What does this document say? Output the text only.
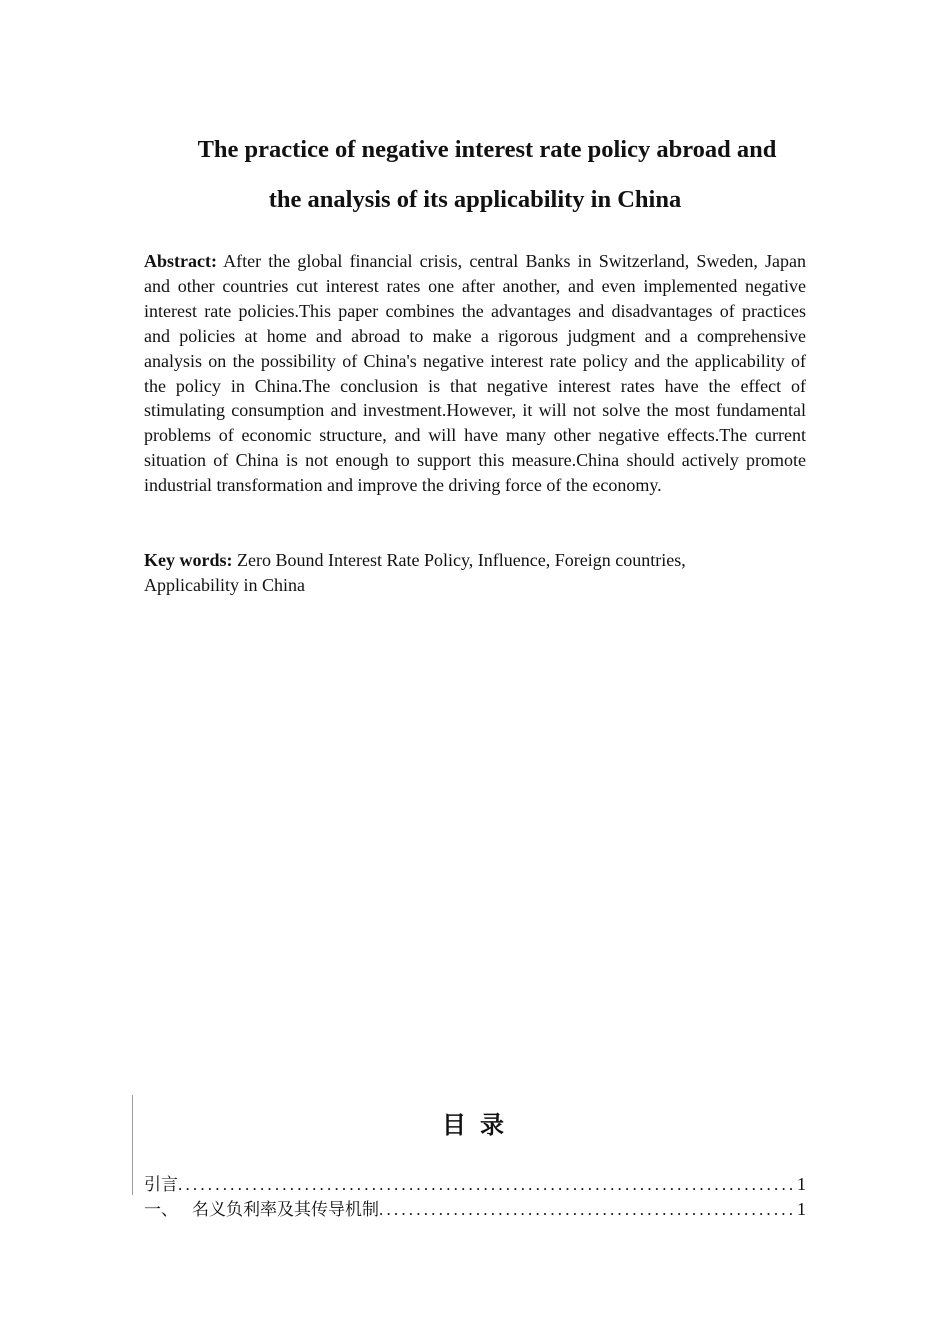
The practice of negative interest rate policy abroad and
the analysis of its applicability in China

Abstract: After the global financial crisis, central Banks in Switzerland, Sweden, Japan and other countries cut interest rates one after another, and even implemented negative interest rate policies.This paper combines the advantages and disadvantages of practices and policies at home and abroad to make a rigorous judgment and a comprehensive analysis on the possibility of China's negative interest rate policy and the applicability of the policy in China.The conclusion is that negative interest rates have the effect of stimulating consumption and investment.However, it will not solve the most fundamental problems of economic structure, and will have many other negative effects.The current situation of China is not enough to support this measure.China should actively promote industrial transformation and improve the driving force of the economy.

Key words: Zero Bound Interest Rate Policy, Influence, Foreign countries, Applicability in China

目录
引言 .....	1
一、 名义负利率及其传导机制 .....	1
